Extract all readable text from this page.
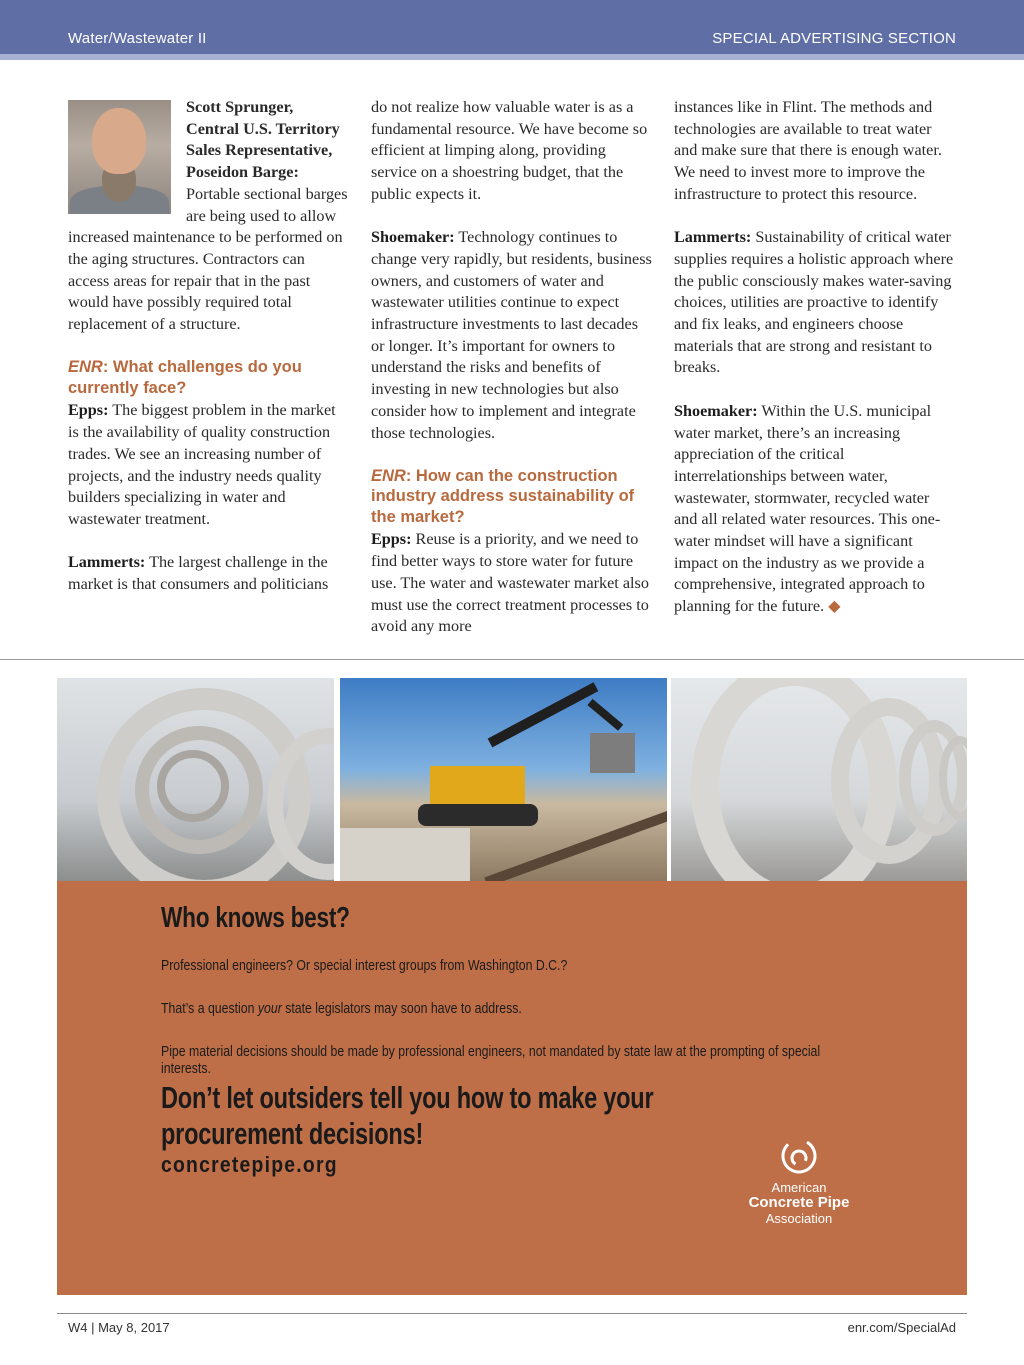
Water/Wastewater II	SPECIAL ADVERTISING SECTION

Scott Sprunger, Central U.S. Territory Sales Representative, Poseidon Barge: Portable sectional barges are being used to allow increased maintenance to be performed on the aging structures. Contractors can access areas for repair that in the past would have possibly required total replacement of a structure.

ENR: What challenges do you currently face?

Epps: The biggest problem in the market is the availability of quality construction trades. We see an increasing number of projects, and the industry needs quality builders specializing in water and wastewater treatment.

Lammerts: The largest challenge in the market is that consumers and politicians

do not realize how valuable water is as a fundamental resource. We have become so efficient at limping along, providing service on a shoestring budget, that the public expects it.

Shoemaker: Technology continues to change very rapidly, but residents, business owners, and customers of water and wastewater utilities continue to expect infrastructure investments to last decades or longer. It’s important for owners to understand the risks and benefits of investing in new technologies but also consider how to implement and integrate those technologies.

ENR: How can the construction industry address sustainability of the market?

Epps: Reuse is a priority, and we need to find better ways to store water for future use. The water and wastewater market also must use the correct treatment processes to avoid any more

instances like in Flint. The methods and technologies are available to treat water and make sure that there is enough water. We need to invest more to improve the infrastructure to protect this resource.

Lammerts: Sustainability of critical water supplies requires a holistic approach where the public consciously makes water-saving choices, utilities are proactive to identify and fix leaks, and engineers choose materials that are strong and resistant to breaks.

Shoemaker: Within the U.S. municipal water market, there’s an increasing appreciation of the critical interrelationships between water, wastewater, stormwater, recycled water and all related water resources. This one-water mindset will have a significant impact on the industry as we provide a comprehensive, integrated approach to planning for the future. ◆

Who knows best?
Professional engineers? Or special interest groups from Washington D.C.?
That’s a question your state legislators may soon have to address.
Pipe material decisions should be made by professional engineers, not mandated by state law at the prompting of special interests.
Don’t let outsiders tell you how to make your procurement decisions!
concretepipe.org
American
Concrete Pipe
Association
W4 | May 8, 2017	enr.com/SpecialAd
